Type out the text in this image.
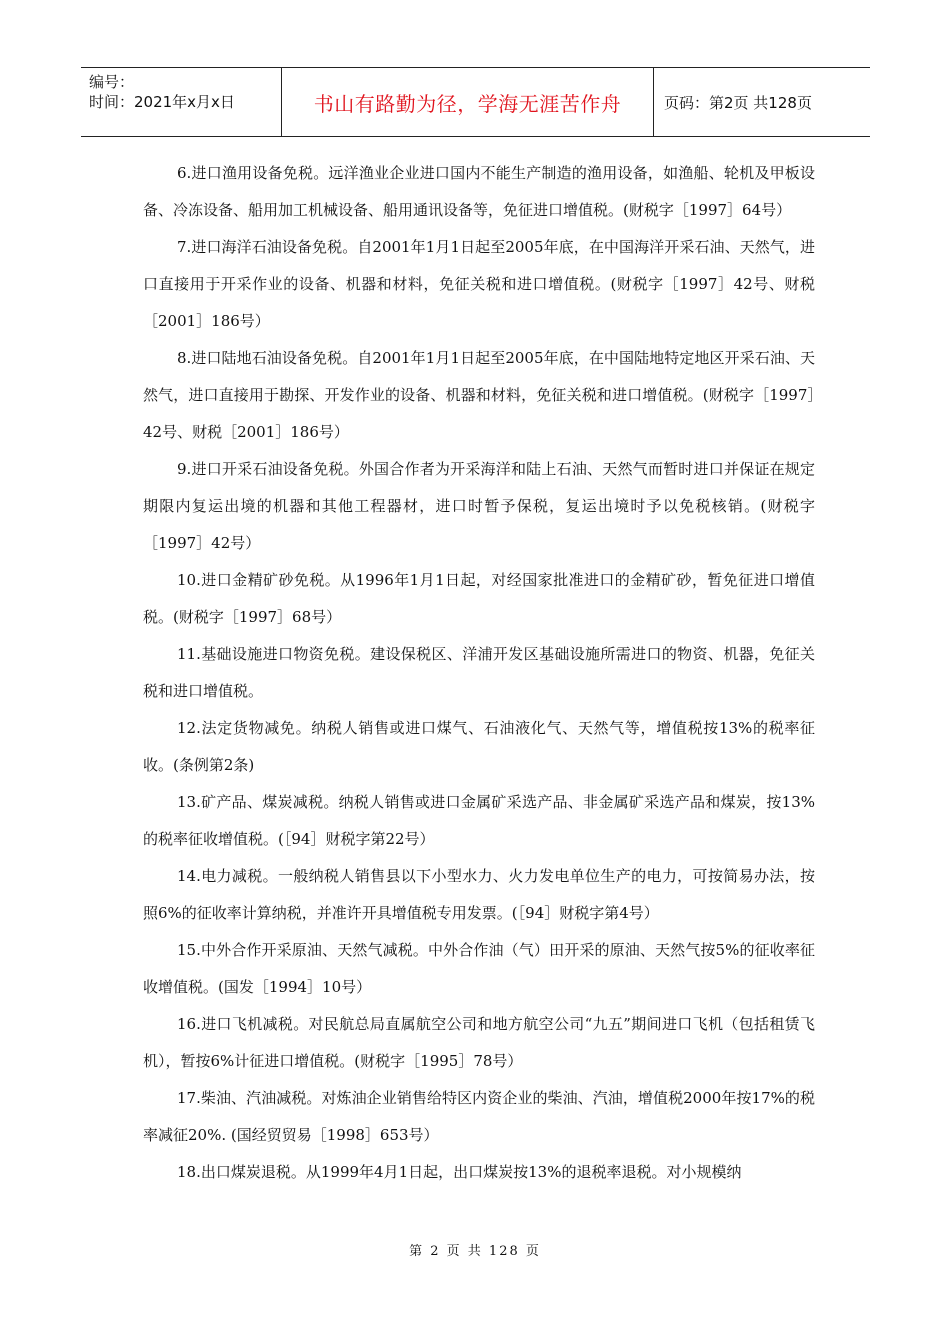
编号：
时间：2021年x月x日	书山有路勤为径，学海无涯苦作舟	页码：第2页 共128页

6.进口渔用设备免税。远洋渔业企业进口国内不能生产制造的渔用设备，如渔船、轮机及甲板设备、冷冻设备、船用加工机械设备、船用通讯设备等，免征进口增值税。(财税字［1997］64号）

7.进口海洋石油设备免税。自2001年1月1日起至2005年底，在中国海洋开采石油、天然气，进口直接用于开采作业的设备、机器和材料，免征关税和进口增值税。(财税字［1997］42号、财税［2001］186号）

8.进口陆地石油设备免税。自2001年1月1日起至2005年底，在中国陆地特定地区开采石油、天然气，进口直接用于勘探、开发作业的设备、机器和材料，免征关税和进口增值税。(财税字［1997］42号、财税［2001］186号）

9.进口开采石油设备免税。外国合作者为开采海洋和陆上石油、天然气而暂时进口并保证在规定期限内复运出境的机器和其他工程器材，进口时暂予保税，复运出境时予以免税核销。(财税字［1997］42号）

10.进口金精矿砂免税。从1996年1月1日起，对经国家批准进口的金精矿砂，暂免征进口增值税。(财税字［1997］68号）

11.基础设施进口物资免税。建设保税区、洋浦开发区基础设施所需进口的物资、机器，免征关税和进口增值税。

12.法定货物减免。纳税人销售或进口煤气、石油液化气、天然气等，增值税按13%的税率征收。(条例第2条)

13.矿产品、煤炭减税。纳税人销售或进口金属矿采选产品、非金属矿采选产品和煤炭，按13%的税率征收增值税。(［94］财税字第22号）

14.电力减税。一般纳税人销售县以下小型水力、火力发电单位生产的电力，可按简易办法，按照6%的征收率计算纳税，并准许开具增值税专用发票。(［94］财税字第4号）

15.中外合作开采原油、天然气减税。中外合作油（气）田开采的原油、天然气按5%的征收率征收增值税。(国发［1994］10号）

16.进口飞机减税。对民航总局直属航空公司和地方航空公司“九五”期间进口飞机（包括租赁飞机），暂按6%计征进口增值税。(财税字［1995］78号）

17.柴油、汽油减税。对炼油企业销售给特区内资企业的柴油、汽油，增值税2000年按17%的税率减征20%. (国经贸贸易［1998］653号）

18.出口煤炭退税。从1999年4月1日起，出口煤炭按13%的退税率退税。对小规模纳

第 2 页 共 128 页
